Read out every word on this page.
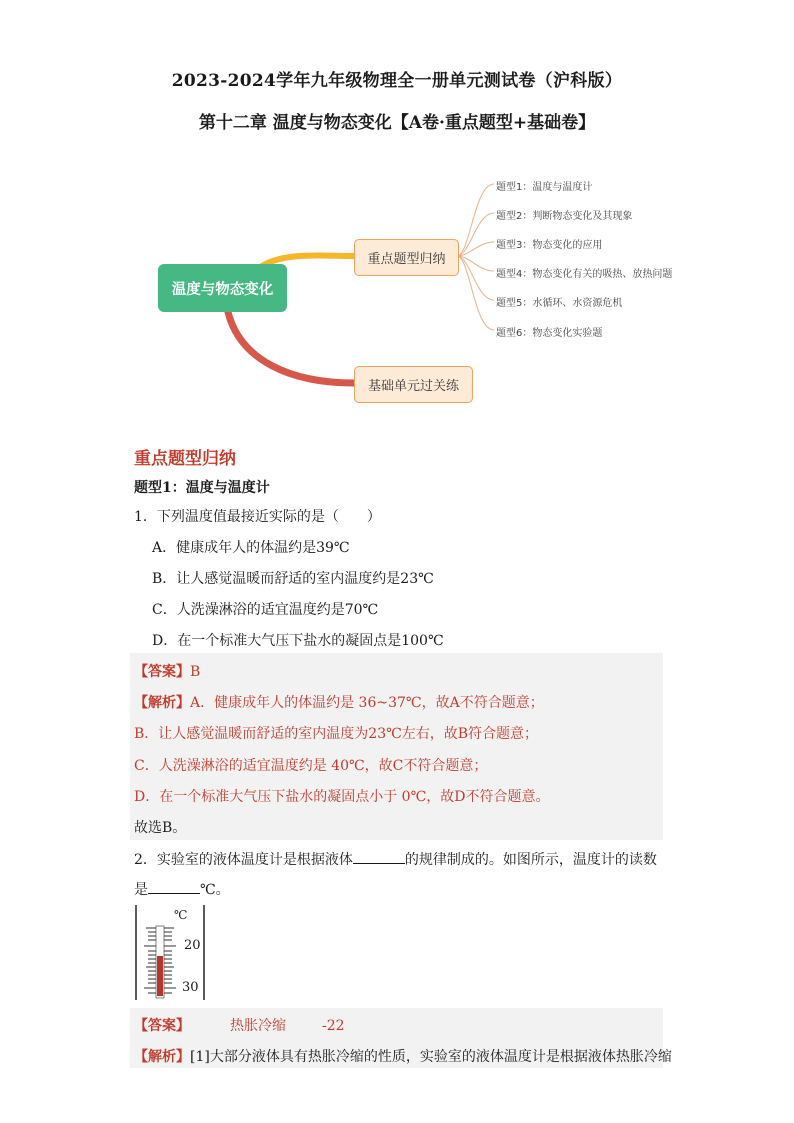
2023-2024学年九年级物理全一册单元测试卷（沪科版）
第十二章 温度与物态变化【A卷·重点题型+基础卷】
温度与物态变化
重点题型归纳
基础单元过关练
题型1：温度与温度计
题型2：判断物态变化及其现象
题型3：物态变化的应用
题型4：物态变化有关的吸热、放热问题
题型5：水循环、水资源危机
题型6：物态变化实验题
重点题型归纳
题型1：温度与温度计
1．下列温度值最接近实际的是（　　）
A．健康成年人的体温约是39℃
B．让人感觉温暖而舒适的室内温度约是23℃
C．人洗澡淋浴的适宜温度约是70℃
D．在一个标准大气压下盐水的凝固点是100℃
【答案】B
【解析】A．健康成年人的体温约是 36~37℃，故A不符合题意；
B．让人感觉温暖而舒适的室内温度为23℃左右，故B符合题意；
C．人洗澡淋浴的适宜温度约是 40℃，故C不符合题意；
D．在一个标准大气压下盐水的凝固点小于 0℃，故D不符合题意。
故选B。
2．实验室的液体温度计是根据液体	的规律制成的。如图所示，温度计的读数
是	℃。
℃
20
30
【答案】	热胀冷缩	-22
【解析】[1]大部分液体具有热胀冷缩的性质，实验室的液体温度计是根据液体热胀冷缩
